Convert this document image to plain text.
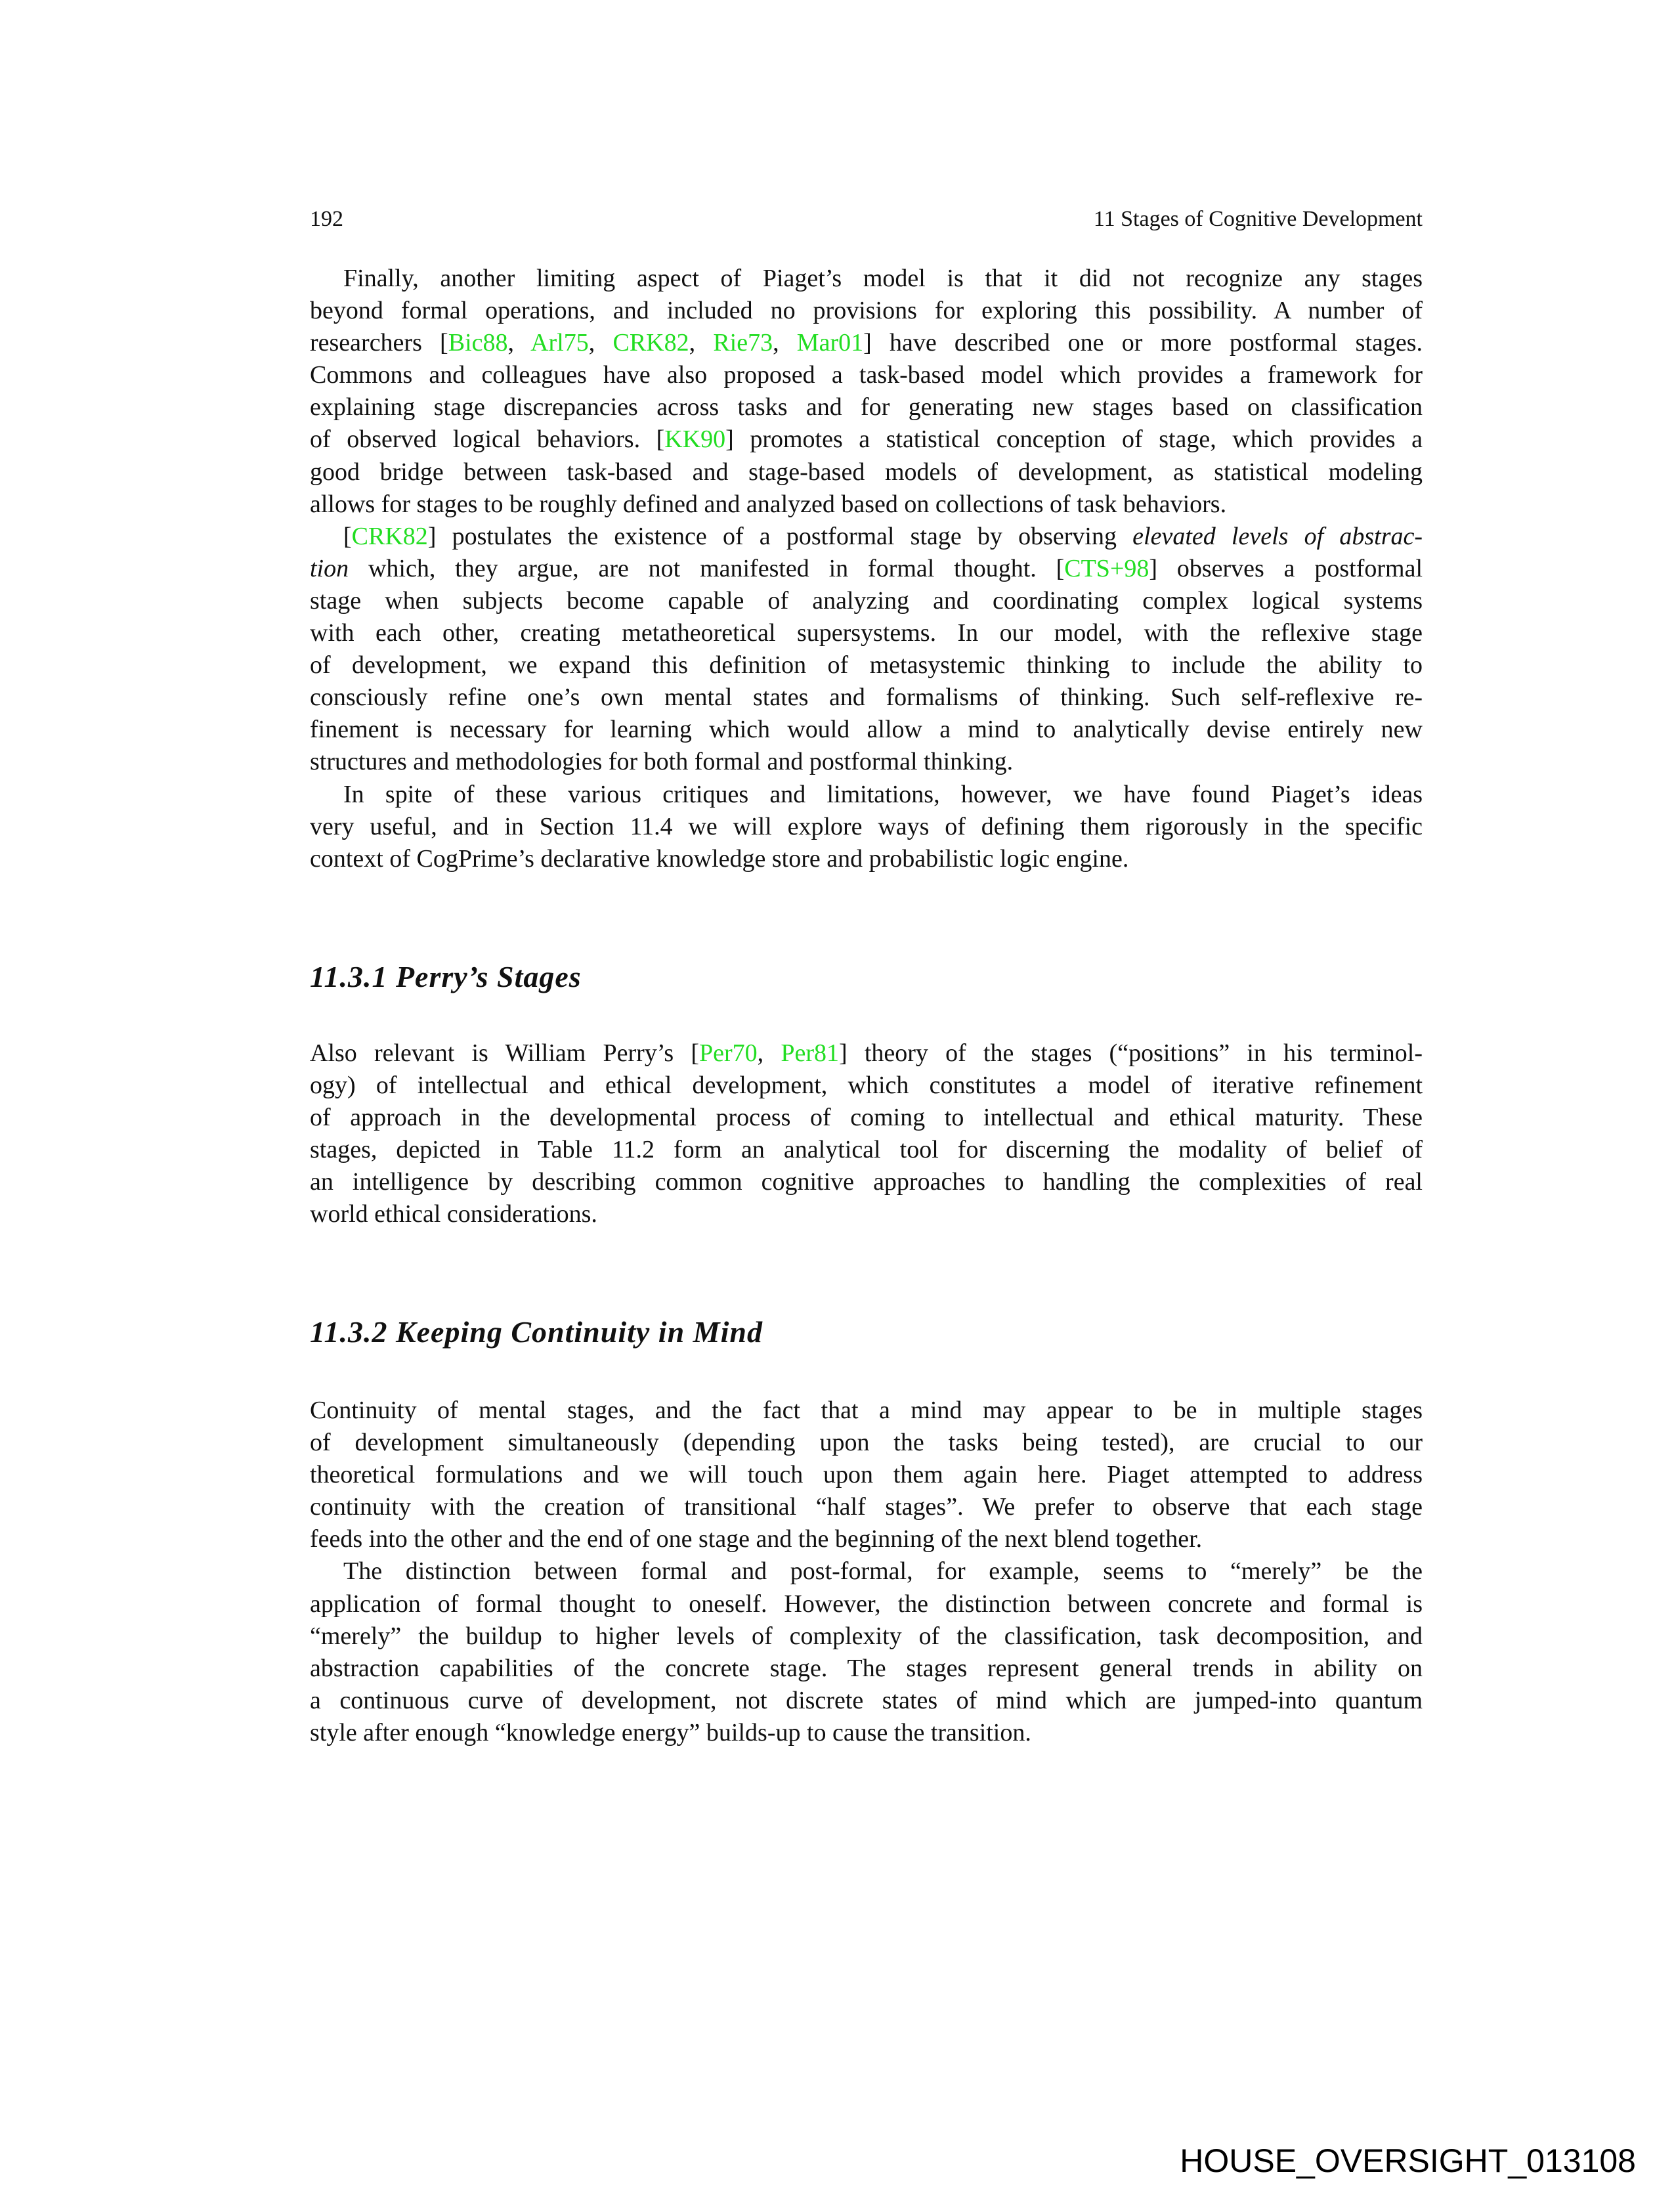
192	11 Stages of Cognitive Development
Finally, another limiting aspect of Piaget’s model is that it did not recognize any stages
beyond formal operations, and included no provisions for exploring this possibility. A number of
researchers [Bic88, Arl75, CRK82, Rie73, Mar01] have described one or more postformal stages.
Commons and colleagues have also proposed a task-based model which provides a framework for
explaining stage discrepancies across tasks and for generating new stages based on classification
of observed logical behaviors. [KK90] promotes a statistical conception of stage, which provides a
good bridge between task-based and stage-based models of development, as statistical modeling
allows for stages to be roughly defined and analyzed based on collections of task behaviors.
[CRK82] postulates the existence of a postformal stage by observing elevated levels of abstrac-
tion which, they argue, are not manifested in formal thought. [CTS+98] observes a postformal
stage when subjects become capable of analyzing and coordinating complex logical systems
with each other, creating metatheoretical supersystems. In our model, with the reflexive stage
of development, we expand this definition of metasystemic thinking to include the ability to
consciously refine one’s own mental states and formalisms of thinking. Such self-reflexive re-
finement is necessary for learning which would allow a mind to analytically devise entirely new
structures and methodologies for both formal and postformal thinking.
In spite of these various critiques and limitations, however, we have found Piaget’s ideas
very useful, and in Section 11.4 we will explore ways of defining them rigorously in the specific
context of CogPrime’s declarative knowledge store and probabilistic logic engine.
11.3.1 Perry’s Stages
Also relevant is William Perry’s [Per70, Per81] theory of the stages (“positions” in his terminol-
ogy) of intellectual and ethical development, which constitutes a model of iterative refinement
of approach in the developmental process of coming to intellectual and ethical maturity. These
stages, depicted in Table 11.2 form an analytical tool for discerning the modality of belief of
an intelligence by describing common cognitive approaches to handling the complexities of real
world ethical considerations.
11.3.2 Keeping Continuity in Mind
Continuity of mental stages, and the fact that a mind may appear to be in multiple stages
of development simultaneously (depending upon the tasks being tested), are crucial to our
theoretical formulations and we will touch upon them again here. Piaget attempted to address
continuity with the creation of transitional “half stages”. We prefer to observe that each stage
feeds into the other and the end of one stage and the beginning of the next blend together.
The distinction between formal and post-formal, for example, seems to “merely” be the
application of formal thought to oneself. However, the distinction between concrete and formal is
“merely” the buildup to higher levels of complexity of the classification, task decomposition, and
abstraction capabilities of the concrete stage. The stages represent general trends in ability on
a continuous curve of development, not discrete states of mind which are jumped-into quantum
style after enough “knowledge energy” builds-up to cause the transition.
HOUSE_OVERSIGHT_013108
